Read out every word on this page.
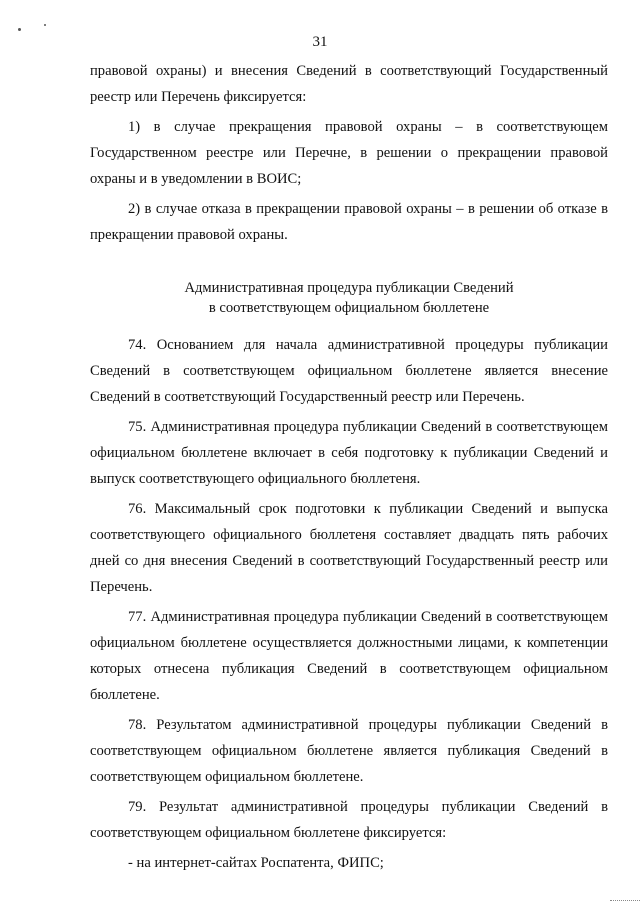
31

правовой охраны) и внесения Сведений в соответствующий Государственный реестр или Перечень фиксируется:

1) в случае прекращения правовой охраны – в соответствующем Государственном реестре или Перечне, в решении о прекращении правовой охраны и в уведомлении в ВОИС;

2) в случае отказа в прекращении правовой охраны – в решении об отказе в прекращении правовой охраны.

Административная процедура публикации Сведений
в соответствующем официальном бюллетене

74. Основанием для начала административной процедуры публикации Сведений в соответствующем официальном бюллетене является внесение Сведений в соответствующий Государственный реестр или Перечень.

75. Административная процедура публикации Сведений в соответствующем официальном бюллетене включает в себя подготовку к публикации Сведений и выпуск соответствующего официального бюллетеня.

76. Максимальный срок подготовки к публикации Сведений и выпуска соответствующего официального бюллетеня составляет двадцать пять рабочих дней со дня внесения Сведений в соответствующий Государственный реестр или Перечень.

77. Административная процедура публикации Сведений в соответствующем официальном бюллетене осуществляется должностными лицами, к компетенции которых отнесена публикация Сведений в соответствующем официальном бюллетене.

78. Результатом административной процедуры публикации Сведений в соответствующем официальном бюллетене является публикация Сведений в соответствующем официальном бюллетене.

79. Результат административной процедуры публикации Сведений в соответствующем официальном бюллетене фиксируется:

- на интернет-сайтах Роспатента, ФИПС;
